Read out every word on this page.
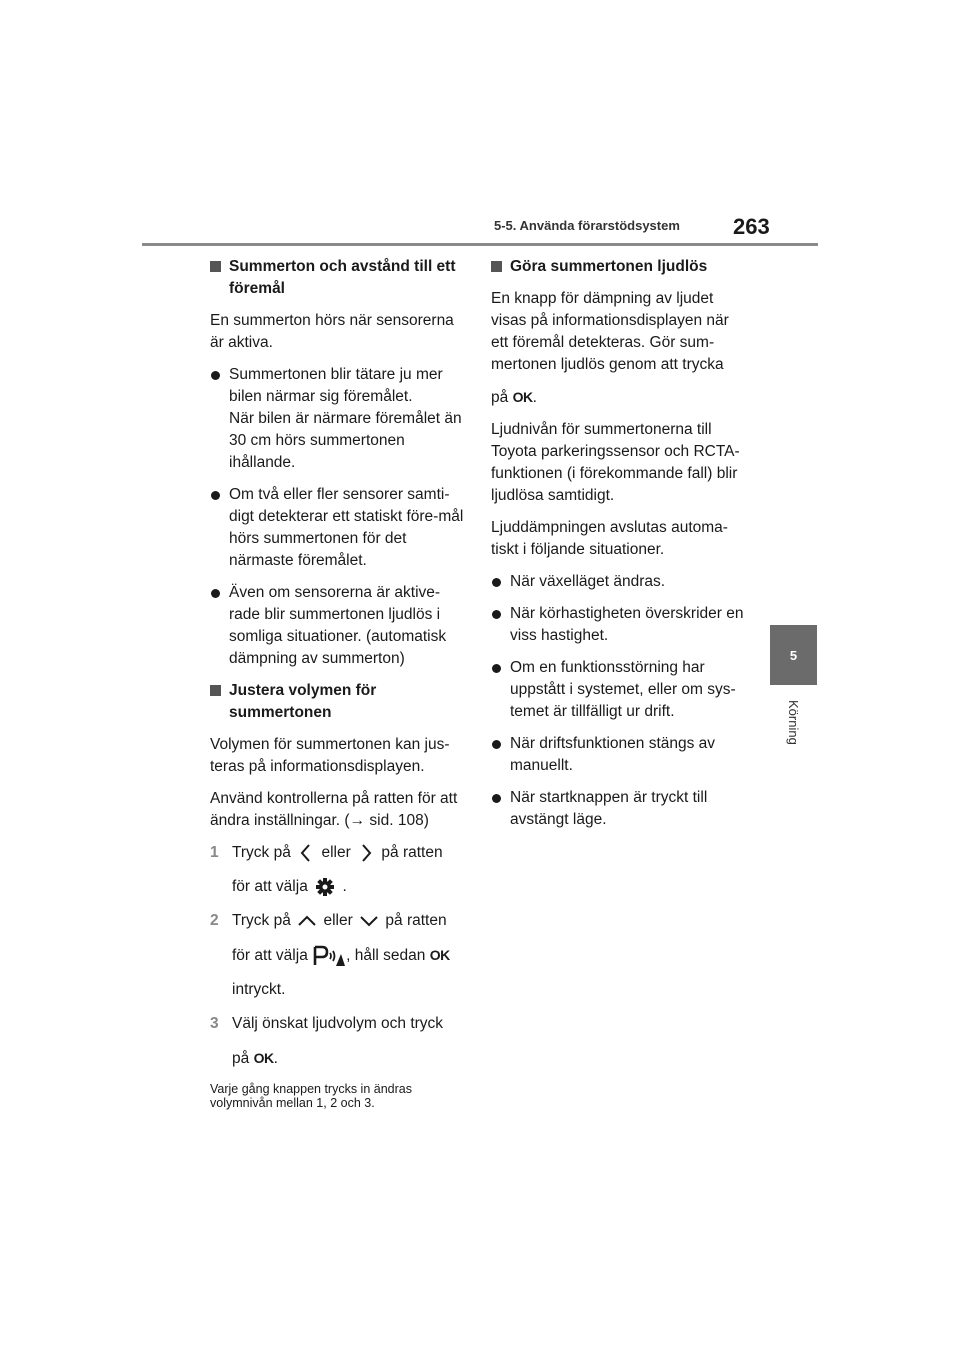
5-5. Använda förarstödsystem 263
5
Körning
Summerton och avstånd till ett föremål

En summerton hörs när sensorerna är aktiva.

Summertonen blir tätare ju mer bilen närmar sig föremålet.
När bilen är närmare föremålet än 30 cm hörs summertonen ihållande.
Om två eller fler sensorer samti-digt detekterar ett statiskt före-mål hörs summertonen för det närmaste föremålet.
Även om sensorerna är aktive-rade blir summertonen ljudlös i somliga situationer. (automatisk dämpning av summerton)
Justera volymen för summertonen

Volymen för summertonen kan jus-teras på informationsdisplayen.

Använd kontrollerna på ratten för att ändra inställningar. (→ sid. 108)

1 Tryck på eller på ratten
för att välja .
2 Tryck på eller på ratten
för att välja , håll sedan OK
intryckt.
3 Välj önskat ljudvolym och tryck
på OK.
Varje gång knappen trycks in ändras volymnivån mellan 1, 2 och 3.
Göra summertonen ljudlös

En knapp för dämpning av ljudet visas på informationsdisplayen när ett föremål detekteras. Gör sum-mertonen ljudlös genom att trycka

på OK.

Ljudnivån för summertonerna till Toyota parkeringssensor och RCTA-funktionen (i förekommande fall) blir ljudlösa samtidigt.

Ljuddämpningen avslutas automa-tiskt i följande situationer.

När växelläget ändras.
När körhastigheten överskrider en viss hastighet.
Om en funktionsstörning har uppstått i systemet, eller om sys-temet är tillfälligt ur drift.
När driftsfunktionen stängs av manuellt.
När startknappen är tryckt till avstängt läge.
